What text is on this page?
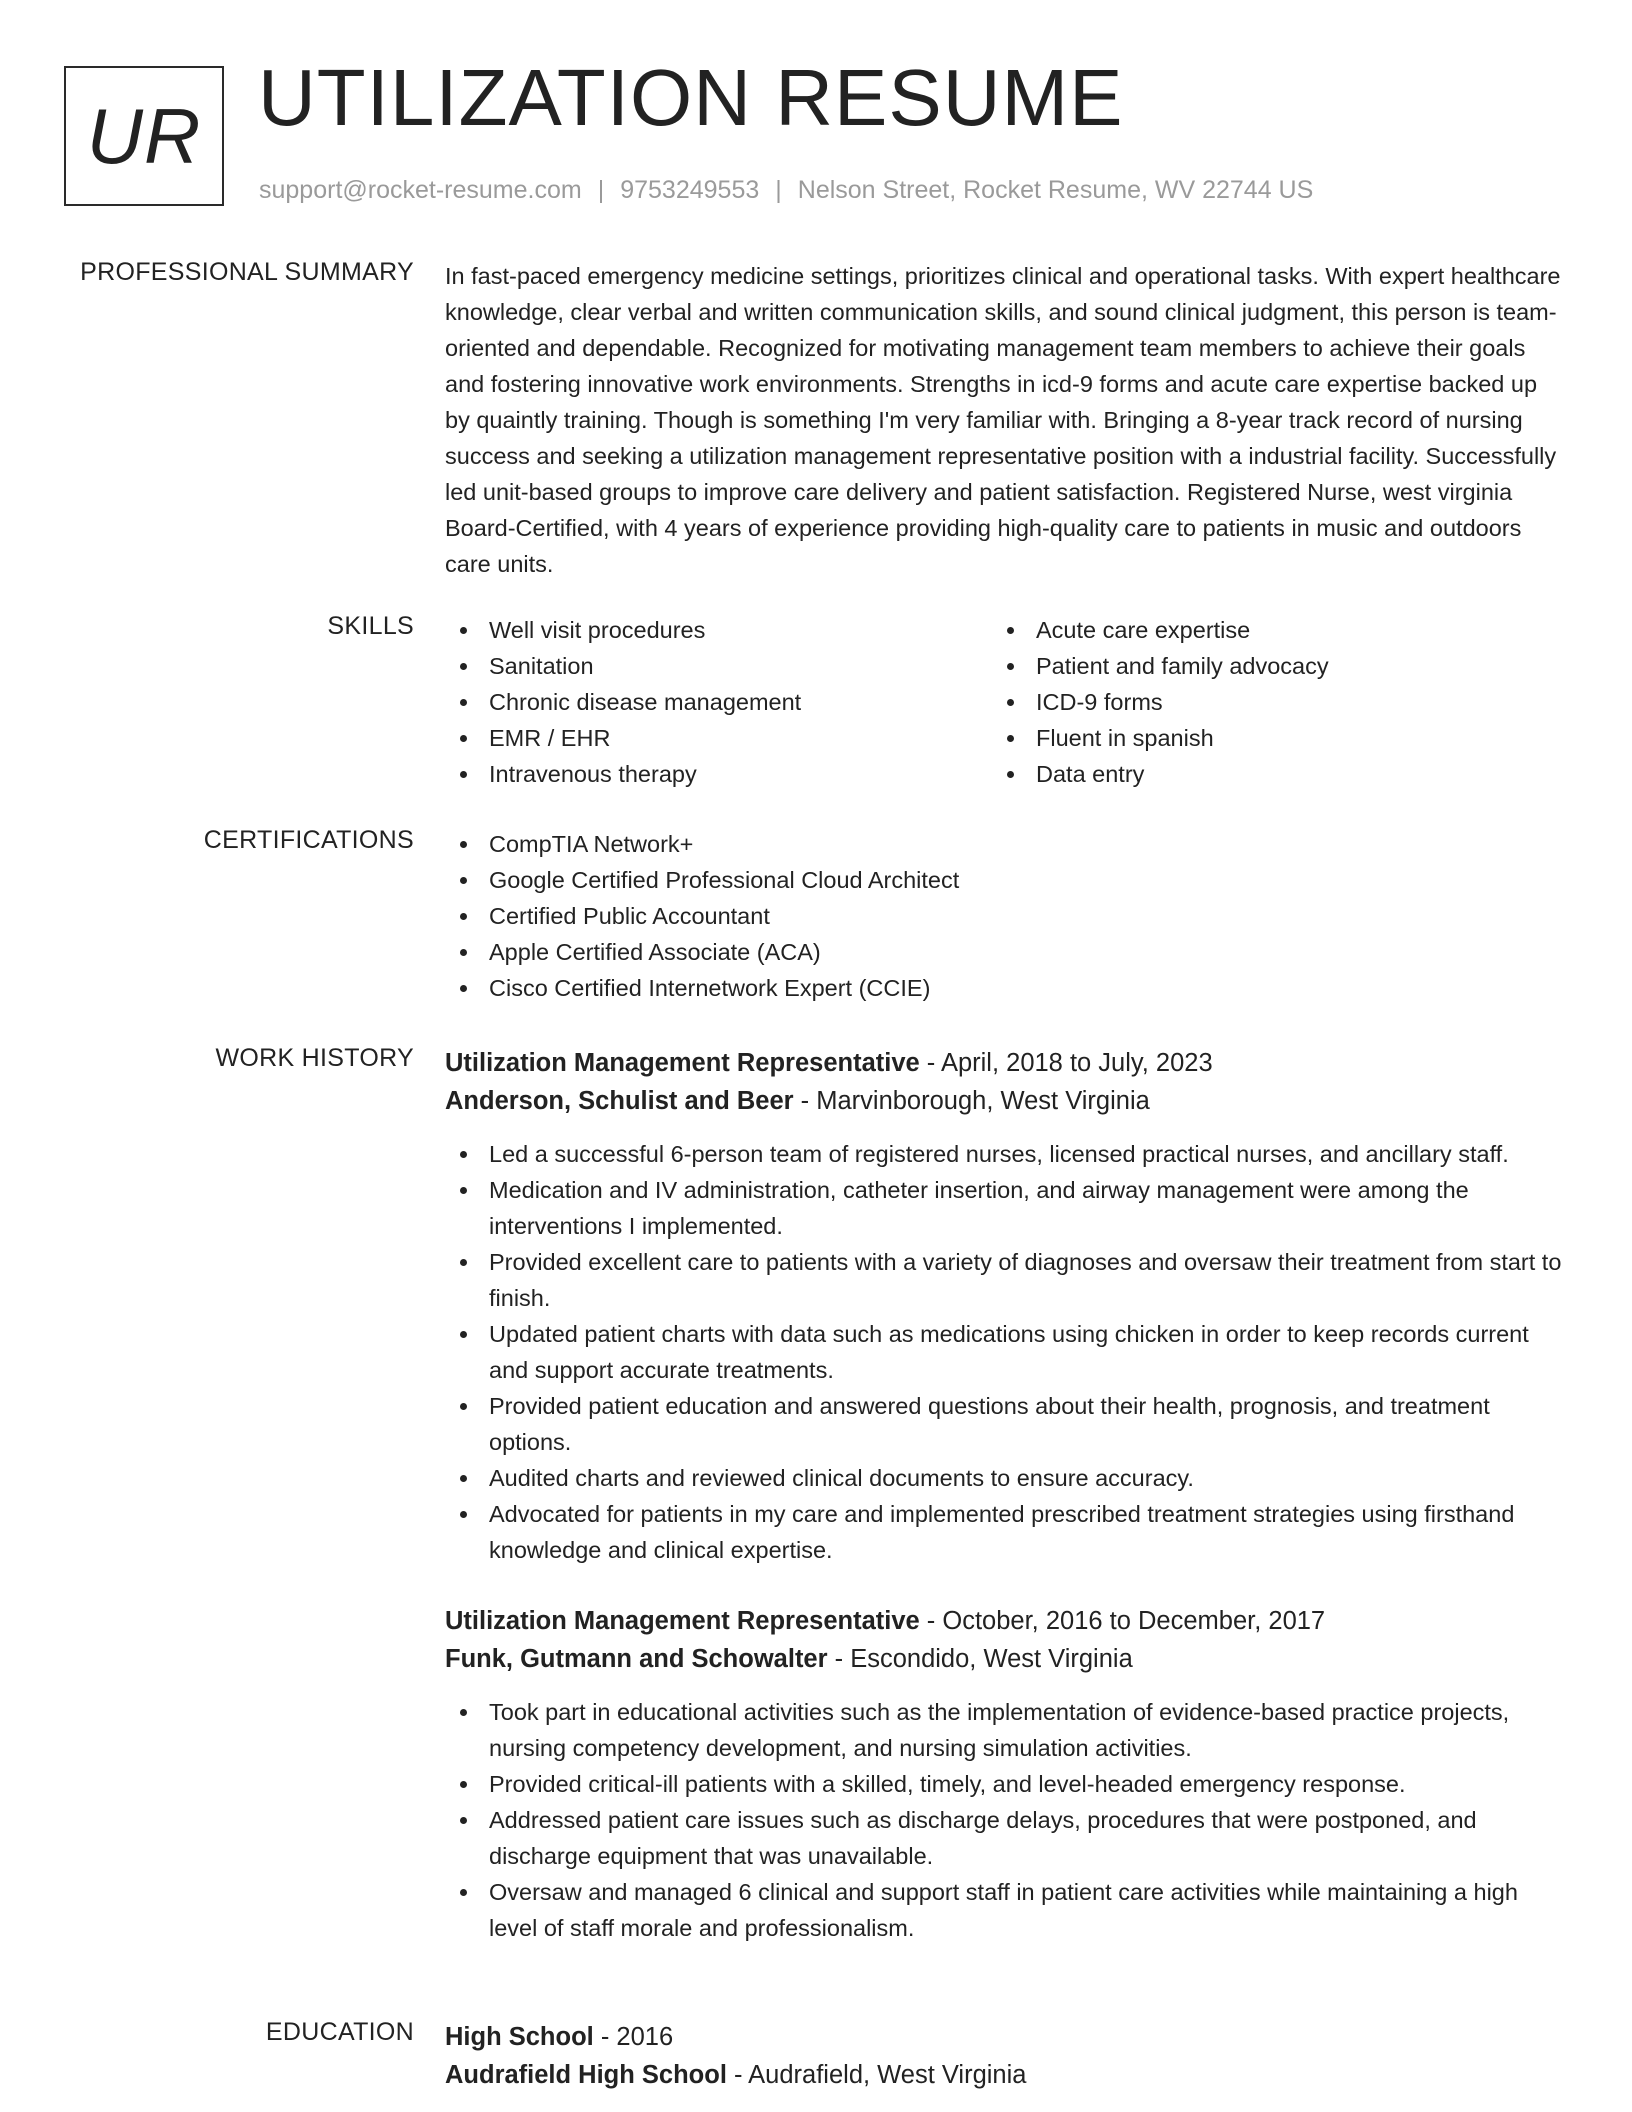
UR UTILIZATION RESUME
support@rocket-resume.com | 9753249553 | Nelson Street, Rocket Resume, WV 22744 US
PROFESSIONAL SUMMARY In fast-paced emergency medicine settings, prioritizes clinical and operational tasks. With expert healthcare knowledge, clear verbal and written communication skills, and sound clinical judgment, this person is team-oriented and dependable. Recognized for motivating management team members to achieve their goals and fostering innovative work environments. Strengths in icd-9 forms and acute care expertise backed up by quaintly training. Though is something I'm very familiar with. Bringing a 8-year track record of nursing success and seeking a utilization management representative position with a industrial facility. Successfully led unit-based groups to improve care delivery and patient satisfaction. Registered Nurse, west virginia Board-Certified, with 4 years of experience providing high-quality care to patients in music and outdoors care units.

SKILLS	Well visit procedures
Sanitation
Chronic disease management
EMR / EHR
Intravenous therapy
Acute care expertise
Patient and family advocacy
ICD-9 forms
Fluent in spanish
Data entry
CERTIFICATIONS	CompTIA Network+
Google Certified Professional Cloud Architect
Certified Public Accountant
Apple Certified Associate (ACA)
Cisco Certified Internetwork Expert (CCIE)
WORK HISTORY Utilization Management Representative - April, 2018 to July, 2023
Anderson, Schulist and Beer - Marvinborough, West Virginia
Led a successful 6-person team of registered nurses, licensed practical nurses, and ancillary staff.
Medication and IV administration, catheter insertion, and airway management were among the interventions I implemented.
Provided excellent care to patients with a variety of diagnoses and oversaw their treatment from start to finish.
Updated patient charts with data such as medications using chicken in order to keep records current and support accurate treatments.
Provided patient education and answered questions about their health, prognosis, and treatment options.
Audited charts and reviewed clinical documents to ensure accuracy.
Advocated for patients in my care and implemented prescribed treatment strategies using firsthand knowledge and clinical expertise.
Utilization Management Representative - October, 2016 to December, 2017
Funk, Gutmann and Schowalter - Escondido, West Virginia
Took part in educational activities such as the implementation of evidence-based practice projects, nursing competency development, and nursing simulation activities.
Provided critical-ill patients with a skilled, timely, and level-headed emergency response.
Addressed patient care issues such as discharge delays, procedures that were postponed, and discharge equipment that was unavailable.
Oversaw and managed 6 clinical and support staff in patient care activities while maintaining a high level of staff morale and professionalism.
EDUCATION High School - 2016
Audrafield High School - Audrafield, West Virginia
